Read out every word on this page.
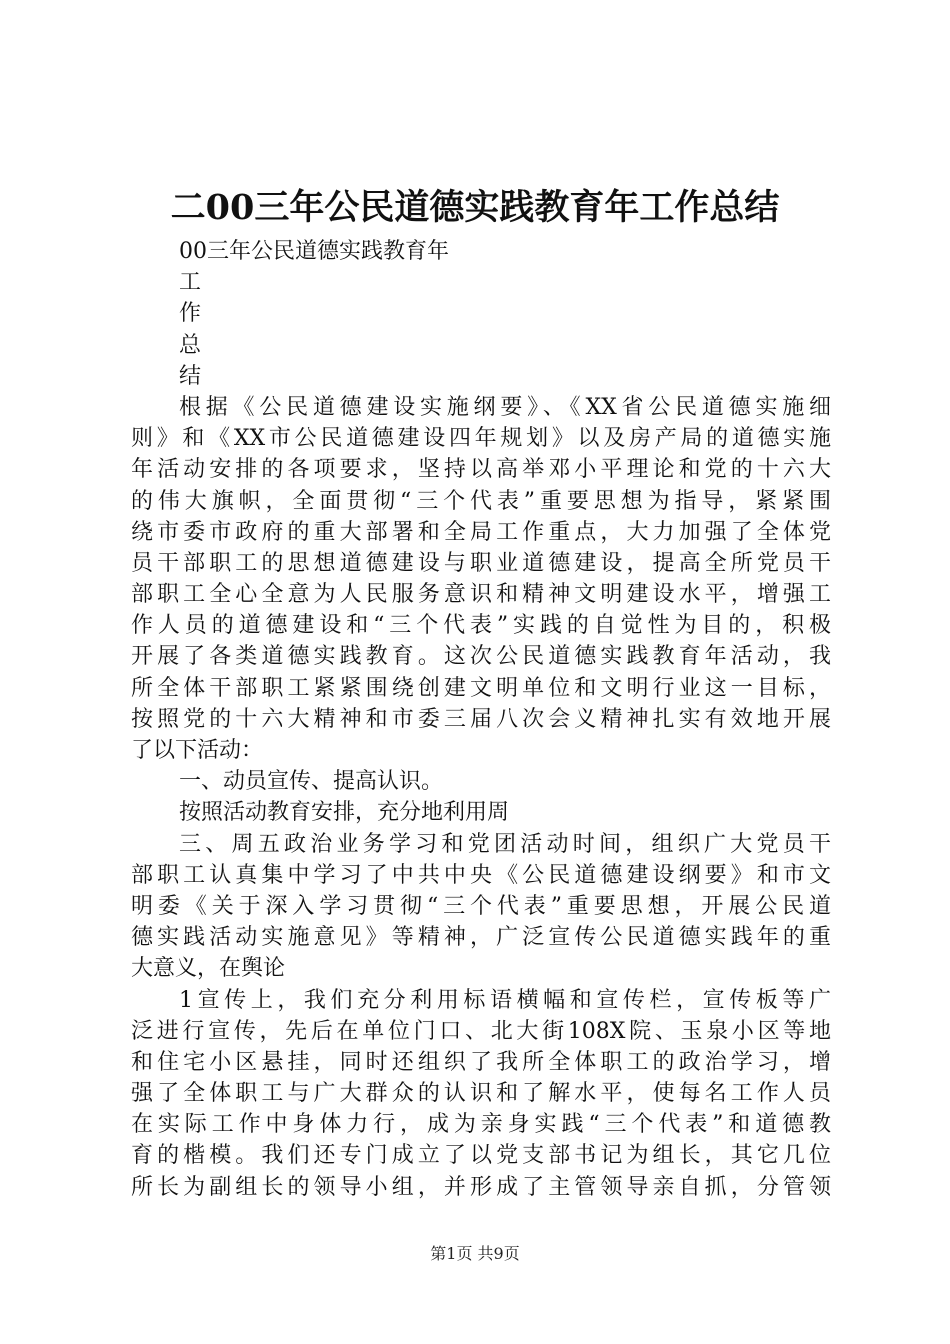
二00三年公民道德实践教育年工作总结
00三年公民道德实践教育年
工
作
总
结
根据《公民道德建设实施纲要》、《XX省公民道德实施细
则》和《XX市公民道德建设四年规划》以及房产局的道德实施
年活动安排的各项要求，坚持以高举邓小平理论和党的十六大
的伟大旗帜，全面贯彻“三个代表”重要思想为指导，紧紧围
绕市委市政府的重大部署和全局工作重点，大力加强了全体党
员干部职工的思想道德建设与职业道德建设，提高全所党员干
部职工全心全意为人民服务意识和精神文明建设水平，增强工
作人员的道德建设和“三个代表”实践的自觉性为目的，积极
开展了各类道德实践教育。这次公民道德实践教育年活动，我
所全体干部职工紧紧围绕创建文明单位和文明行业这一目标，
按照党的十六大精神和市委三届八次会义精神扎实有效地开展
了以下活动：
一、动员宣传、提高认识。
按照活动教育安排，充分地利用周
三、周五政治业务学习和党团活动时间，组织广大党员干
部职工认真集中学习了中共中央《公民道德建设纲要》和市文
明委《关于深入学习贯彻“三个代表”重要思想，开展公民道
德实践活动实施意见》等精神，广泛宣传公民道德实践年的重
大意义，在舆论
1宣传上，我们充分利用标语横幅和宣传栏，宣传板等广
泛进行宣传，先后在单位门口、北大街108X院、玉泉小区等地
和住宅小区悬挂，同时还组织了我所全体职工的政治学习，增
强了全体职工与广大群众的认识和了解水平，使每名工作人员
在实际工作中身体力行，成为亲身实践“三个代表”和道德教
育的楷模。我们还专门成立了以党支部书记为组长，其它几位
所长为副组长的领导小组，并形成了主管领导亲自抓，分管领
第1页 共9页
